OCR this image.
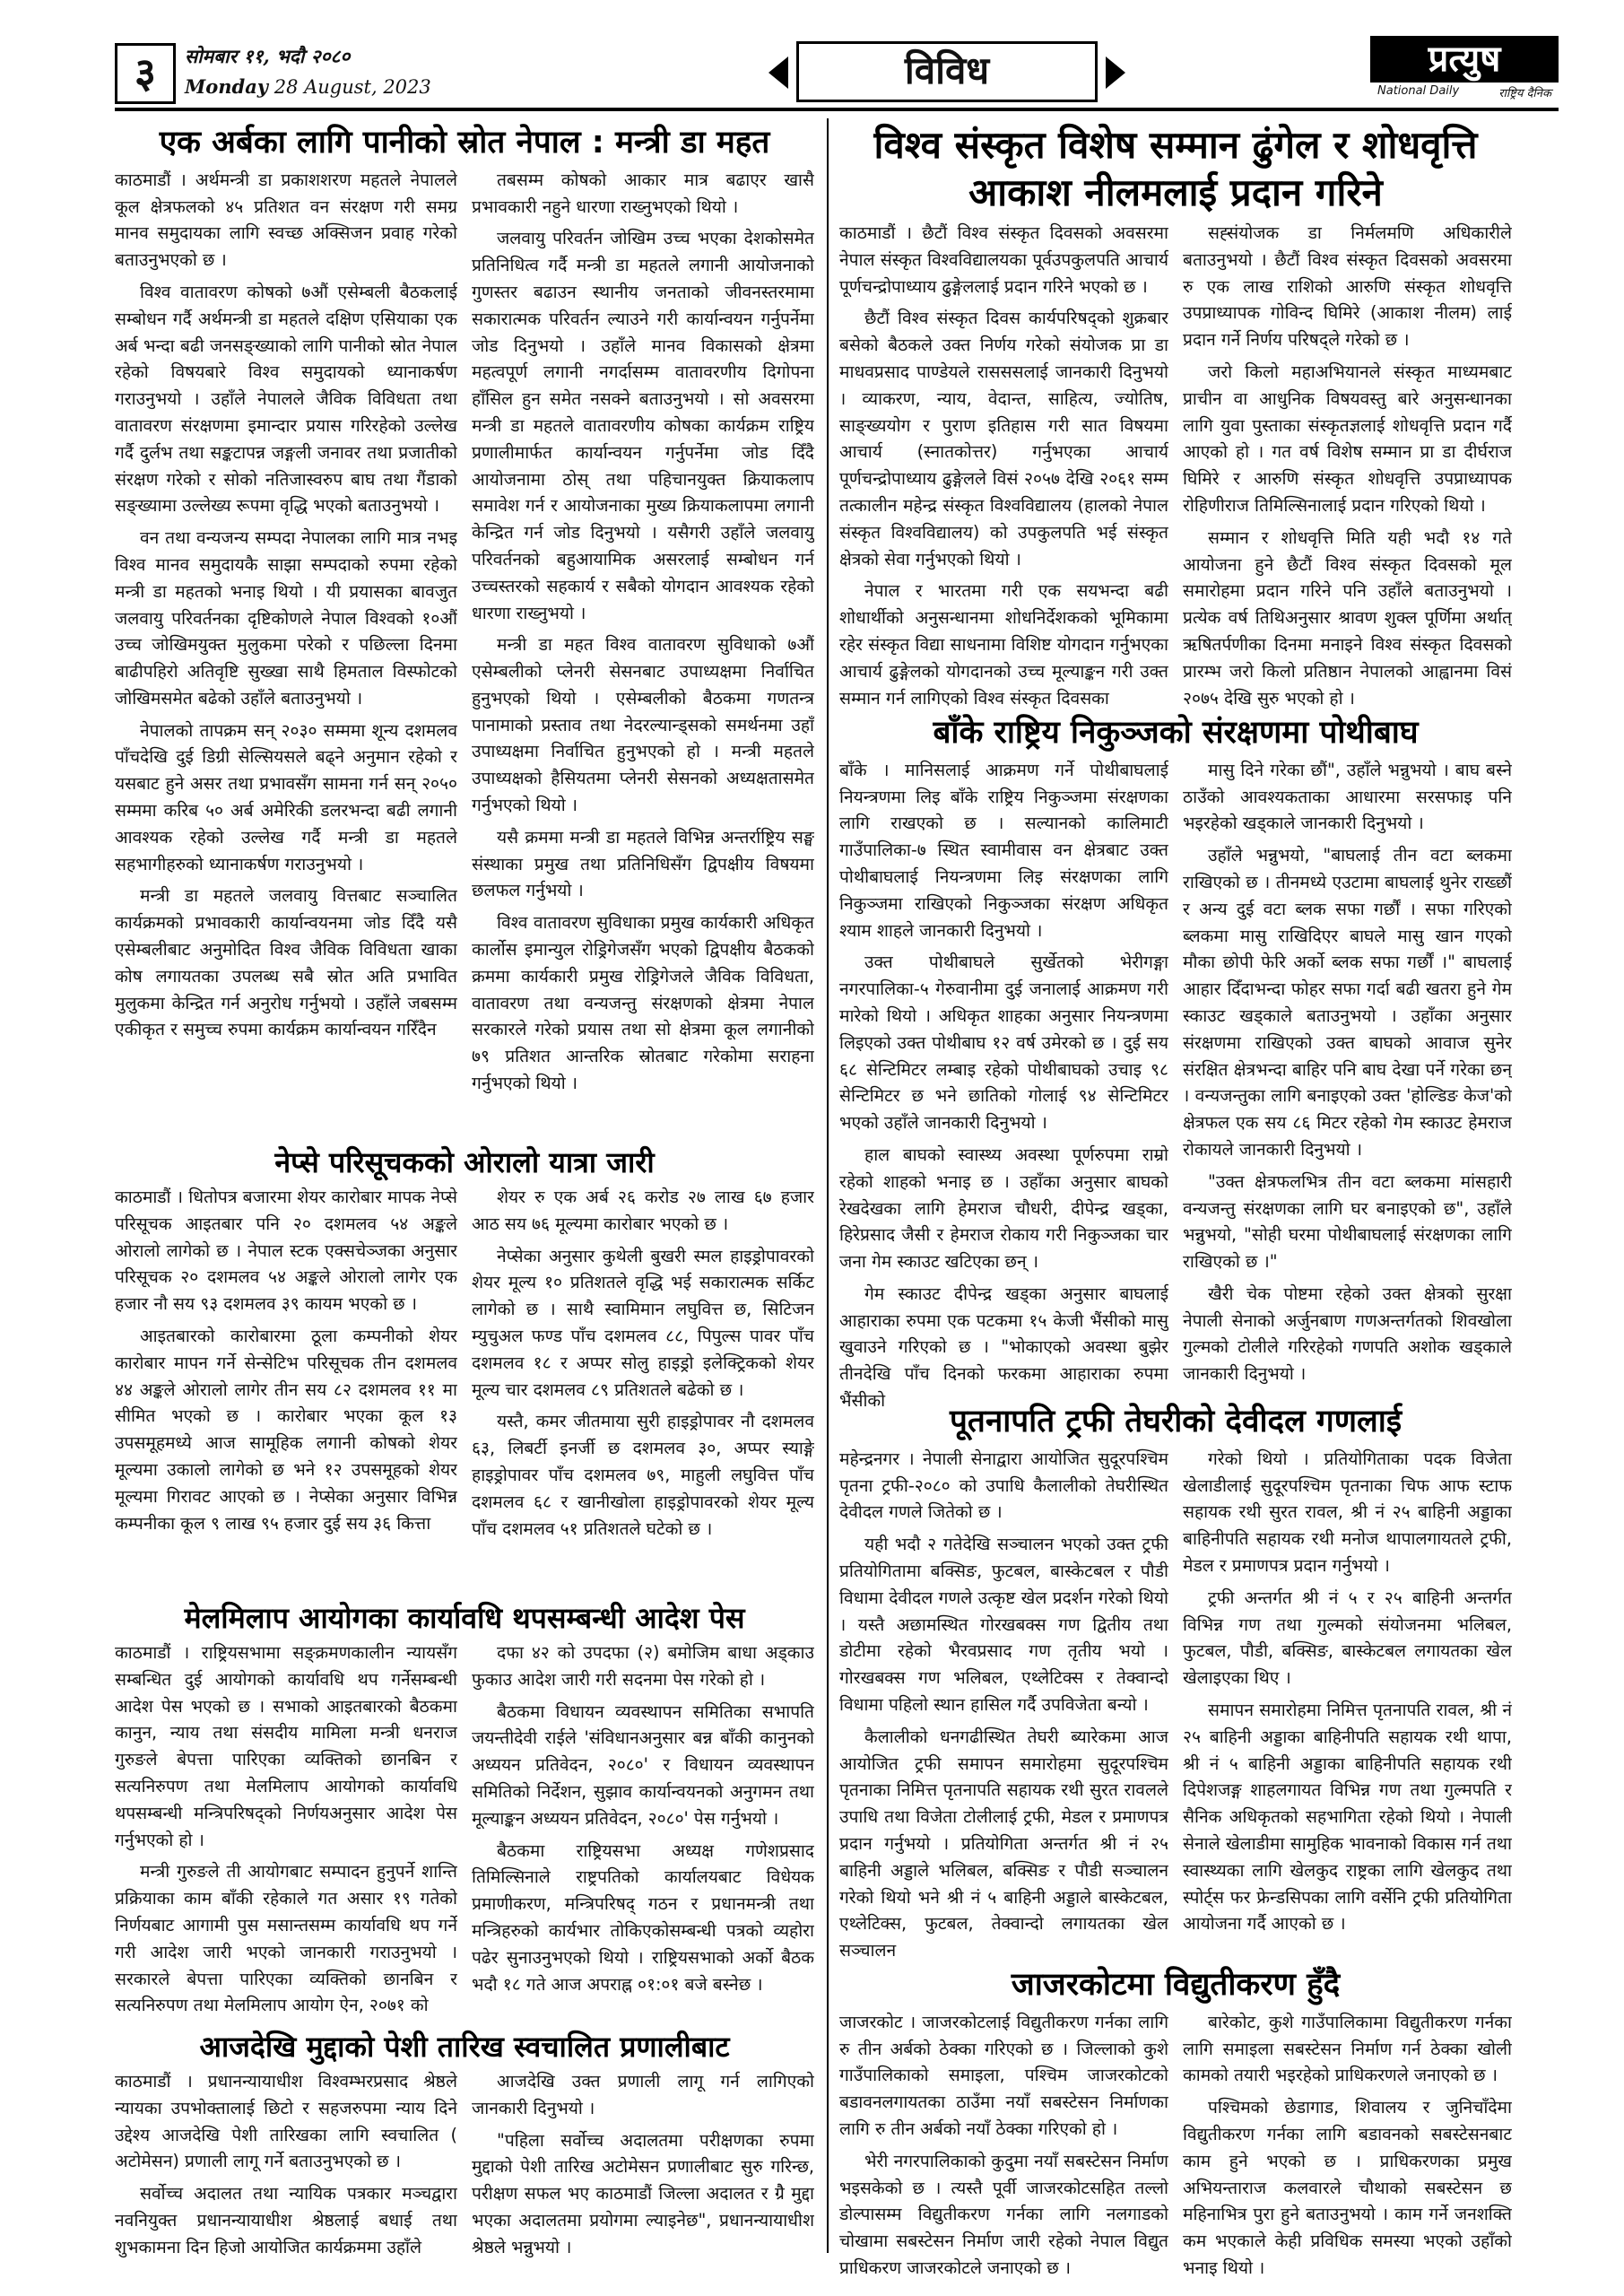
३	सोमबार ११, भदौ २०८०
Monday 28 August, 2023	विविध	प्रत्युष
National Daily	राष्ट्रिय दैनिक
एक अर्बका लागि पानीको स्रोत नेपाल : मन्त्री डा महत

काठमाडौं । अर्थमन्त्री डा प्रकाशशरण महतले नेपालले कूल क्षेत्रफलको ४५ प्रतिशत वन संरक्षण गरी समग्र मानव समुदायका लागि स्वच्छ अक्सिजन प्रवाह गरेको बताउनुभएको छ ।

विश्व वातावरण कोषको ७औं एसेम्बली बैठकलाई सम्बोधन गर्दै अर्थमन्त्री डा महतले दक्षिण एसियाका एक अर्ब भन्दा बढी जनसङ्ख्याको लागि पानीको स्रोत नेपाल रहेको विषयबारे विश्व समुदायको ध्यानाकर्षण गराउनुभयो । उहाँले नेपालले जैविक विविधता तथा वातावरण संरक्षणमा इमान्दार प्रयास गरिरहेको उल्लेख गर्दै दुर्लभ तथा सङ्कटापन्न जङ्गली जनावर तथा प्रजातीको संरक्षण गरेको र सोको नतिजास्वरुप बाघ तथा गैंडाको सङ्ख्यामा उल्लेख्य रूपमा वृद्धि भएको बताउनुभयो ।

वन तथा वन्यजन्य सम्पदा नेपालका लागि मात्र नभइ विश्व मानव समुदायकै साझा सम्पदाको रुपमा रहेको मन्त्री डा महतको भनाइ थियो । यी प्रयासका बावजुत जलवायु परिवर्तनका दृष्टिकोणले नेपाल विश्वको १०औं उच्च जोखिमयुक्त मुलुकमा परेको र पछिल्ला दिनमा बाढीपहिरो अतिवृष्टि सुख्खा साथै हिमताल विस्फोटको जोखिमसमेत बढेको उहाँले बताउनुभयो ।

नेपालको तापक्रम सन् २०३० सम्ममा शून्य दशमलव पाँचदेखि दुई डिग्री सेल्सियसले बढ्ने अनुमान रहेको र यसबाट हुने असर तथा प्रभावसँग सामना गर्न सन् २०५० सम्ममा करिब ५० अर्ब अमेरिकी डलरभन्दा बढी लगानी आवश्यक रहेको उल्लेख गर्दै मन्त्री डा महतले सहभागीहरुको ध्यानाकर्षण गराउनुभयो ।

मन्त्री डा महतले जलवायु वित्तबाट सञ्चालित कार्यक्रमको प्रभावकारी कार्यान्वयनमा जोड दिँदै यसै एसेम्बलीबाट अनुमोदित विश्व जैविक विविधता खाका कोष लगायतका उपलब्ध सबै स्रोत अति प्रभावित मुलुकमा केन्द्रित गर्न अनुरोध गर्नुभयो । उहाँले जबसम्म एकीकृत र समुच्च रुपमा कार्यक्रम कार्यान्वयन गरिँदैन

तबसम्म कोषको आकार मात्र बढाएर खासै प्रभावकारी नहुने धारणा राख्नुभएको थियो ।

जलवायु परिवर्तन जोखिम उच्च भएका देशकोसमेत प्रतिनिधित्व गर्दै मन्त्री डा महतले लगानी आयोजनाको गुणस्तर बढाउन स्थानीय जनताको जीवनस्तरमामा सकारात्मक परिवर्तन ल्याउने गरी कार्यान्वयन गर्नुपर्नेमा जोड दिनुभयो । उहाँले मानव विकासको क्षेत्रमा महत्वपूर्ण लगानी नगर्दासम्म वातावरणीय दिगोपना हाँसिल हुन समेत नसक्ने बताउनुभयो । सो अवसरमा मन्त्री डा महतले वातावरणीय कोषका कार्यक्रम राष्ट्रिय प्रणालीमार्फत कार्यान्वयन गर्नुपर्नेमा जोड दिँदै आयोजनामा ठोस् तथा पहिचानयुक्त क्रियाकलाप समावेश गर्न र आयोजनाका मुख्य क्रियाकलापमा लगानी केन्द्रित गर्न जोड दिनुभयो । यसैगरी उहाँले जलवायु परिवर्तनको बहुआयामिक असरलाई सम्बोधन गर्न उच्चस्तरको सहकार्य र सबैको योगदान आवश्यक रहेको धारणा राख्नुभयो ।

मन्त्री डा महत विश्व वातावरण सुविधाको ७औं एसेम्बलीको प्लेनरी सेसनबाट उपाध्यक्षमा निर्वाचित हुनुभएको थियो । एसेम्बलीको बैठकमा गणतन्त्र पानामाको प्रस्ताव तथा नेदरल्यान्ड्सको समर्थनमा उहाँ उपाध्यक्षमा निर्वाचित हुनुभएको हो । मन्त्री महतले उपाध्यक्षको हैसियतमा प्लेनरी सेसनको अध्यक्षतासमेत गर्नुभएको थियो ।

यसै क्रममा मन्त्री डा महतले विभिन्न अन्तर्राष्ट्रिय सङ्घ संस्थाका प्रमुख तथा प्रतिनिधिसँग द्विपक्षीय विषयमा छलफल गर्नुभयो ।

विश्व वातावरण सुविधाका प्रमुख कार्यकारी अधिकृत कार्लोस इमान्युल रोड्रिगेजसँग भएको द्विपक्षीय बैठकको क्रममा कार्यकारी प्रमुख रोड्रिगेजले जैविक विविधता, वातावरण तथा वन्यजन्तु संरक्षणको क्षेत्रमा नेपाल सरकारले गरेको प्रयास तथा सो क्षेत्रमा कूल लगानीको ७९ प्रतिशत आन्तरिक स्रोतबाट गरेकोमा सराहना गर्नुभएको थियो ।

नेप्से परिसूचकको ओरालो यात्रा जारी

काठमाडौं । धितोपत्र बजारमा शेयर कारोबार मापक नेप्से परिसूचक आइतबार पनि २० दशमलव ५४ अङ्कले ओरालो लागेको छ । नेपाल स्टक एक्सचेञ्जका अनुसार परिसूचक २० दशमलव ५४ अङ्कले ओरालो लागेर एक हजार नौ सय ९३ दशमलव ३९ कायम भएको छ ।

आइतबारको कारोबारमा ठूला कम्पनीको शेयर कारोबार मापन गर्ने सेन्सेटिभ परिसूचक तीन दशमलव ४४ अङ्कले ओरालो लागेर तीन सय ८२ दशमलव ११ मा सीमित भएको छ । कारोबार भएका कूल १३ उपसमूहमध्ये आज सामूहिक लगानी कोषको शेयर मूल्यमा उकालो लागेको छ भने १२ उपसमूहको शेयर मूल्यमा गिरावट आएको छ । नेप्सेका अनुसार विभिन्न कम्पनीका कूल ९ लाख ९५ हजार दुई सय ३६ कित्ता

शेयर रु एक अर्ब २६ करोड २७ लाख ६७ हजार आठ सय ७६ मूल्यमा कारोबार भएको छ ।

नेप्सेका अनुसार कुथेली बुखरी स्मल हाइड्रोपावरको शेयर मूल्य १० प्रतिशतले वृद्धि भई सकारात्मक सर्किट लागेको छ । साथै स्वामिमान लघुवित्त छ, सिटिजन म्युचुअल फण्ड पाँच दशमलव ८८, पिपुल्स पावर पाँच दशमलव १८ र अप्पर सोलु हाइड्रो इलेक्ट्रिकको शेयर मूल्य चार दशमलव ८९ प्रतिशतले बढेको छ ।

यस्तै, कमर जीतमाया सुरी हाइड्रोपावर नौ दशमलव ६३, लिबर्टी इनर्जी छ दशमलव ३०, अप्पर स्याङ्गे हाइड्रोपावर पाँच दशमलव ७९, माहुली लघुवित्त पाँच दशमलव ६८ र खानीखोला हाइड्रोपावरको शेयर मूल्य पाँच दशमलव ५१ प्रतिशतले घटेको छ ।

मेलमिलाप आयोगका कार्यावधि थपसम्बन्धी आदेश पेस

काठमाडौं । राष्ट्रियसभामा सङ्क्रमणकालीन न्यायसँग सम्बन्धित दुई आयोगको कार्यावधि थप गर्नेसम्बन्धी आदेश पेस भएको छ । सभाको आइतबारको बैठकमा कानुन, न्याय तथा संसदीय मामिला मन्त्री धनराज गुरुङले बेपत्ता पारिएका व्यक्तिको छानबिन र सत्यनिरुपण तथा मेलमिलाप आयोगको कार्यावधि थपसम्बन्धी मन्त्रिपरिषद्को निर्णयअनुसार आदेश पेस गर्नुभएको हो ।

मन्त्री गुरुङले ती आयोगबाट सम्पादन हुनुपर्ने शान्ति प्रक्रियाका काम बाँकी रहेकाले गत असार १९ गतेको निर्णयबाट आगामी पुस मसान्तसम्म कार्यावधि थप गर्ने गरी आदेश जारी भएको जानकारी गराउनुभयो । सरकारले बेपत्ता पारिएका व्यक्तिको छानबिन र सत्यनिरुपण तथा मेलमिलाप आयोग ऐन, २०७१ को

दफा ४२ को उपदफा (२) बमोजिम बाधा अड्काउ फुकाउ आदेश जारी गरी सदनमा पेस गरेको हो ।

बैठकमा विधायन व्यवस्थापन समितिका सभापति जयन्तीदेवी राईले 'संविधानअनुसार बन्न बाँकी कानुनको अध्ययन प्रतिवेदन, २०८०' र विधायन व्यवस्थापन समितिको निर्देशन, सुझाव कार्यान्वयनको अनुगमन तथा मूल्याङ्कन अध्ययन प्रतिवेदन, २०८०' पेस गर्नुभयो ।

बैठकमा राष्ट्रियसभा अध्यक्ष गणेशप्रसाद तिमिल्सिनाले राष्ट्रपतिको कार्यालयबाट विधेयक प्रमाणीकरण, मन्त्रिपरिषद् गठन र प्रधानमन्त्री तथा मन्त्रिहरुको कार्यभार तोकिएकोसम्बन्धी पत्रको व्यहोरा पढेर सुनाउनुभएको थियो । राष्ट्रियसभाको अर्को बैठक भदौ १८ गते आज अपराह्न ०१:०१ बजे बस्नेछ ।

आजदेखि मुद्दाको पेशी तारिख स्वचालित प्रणालीबाट

काठमाडौं । प्रधानन्यायाधीश विश्वम्भरप्रसाद श्रेष्ठले न्यायका उपभोक्तालाई छिटो र सहजरुपमा न्याय दिने उद्देश्य आजदेखि पेशी तारिखका लागि स्वचालित ( अटोमेसन) प्रणाली लागू गर्ने बताउनुभएको छ ।

सर्वोच्च अदालत तथा न्यायिक पत्रकार मञ्चद्वारा नवनियुक्त प्रधानन्यायाधीश श्रेष्ठलाई बधाई तथा शुभकामना दिन हिजो आयोजित कार्यक्रममा उहाँले

आजदेखि उक्त प्रणाली लागू गर्न लागिएको जानकारी दिनुभयो ।

"पहिला सर्वोच्च अदालतमा परीक्षणका रुपमा मुद्दाको पेशी तारिख अटोमेसन प्रणालीबाट सुरु गरिन्छ, परीक्षण सफल भए काठमाडौं जिल्ला अदालत र ग्रेै मुद्दा भएका अदालतमा प्रयोगमा ल्याइनेछ", प्रधानन्यायाधीश श्रेष्ठले भन्नुभयो ।

विश्व संस्कृत विशेष सम्मान ढुंगेल र शोधवृत्ति आकाश नीलमलाई प्रदान गरिने

काठमाडौं । छैटौं विश्व संस्कृत दिवसको अवसरमा नेपाल संस्कृत विश्वविद्यालयका पूर्वउपकुलपति आचार्य पूर्णचन्द्रोपाध्याय ढुङ्गेललाई प्रदान गरिने भएको छ ।

छैटौं विश्व संस्कृत दिवस कार्यपरिषद्को शुक्रबार बसेको बैठकले उक्त निर्णय गरेको संयोजक प्रा डा माधवप्रसाद पाण्डेयले रासससलाई जानकारी दिनुभयो । व्याकरण, न्याय, वेदान्त, साहित्य, ज्योतिष, साङ्ख्ययोग र पुराण इतिहास गरी सात विषयमा आचार्य (स्नातकोत्तर) गर्नुभएका आचार्य पूर्णचन्द्रोपाध्याय ढुङ्गेलले विसं २०५७ देखि २०६१ सम्म तत्कालीन महेन्द्र संस्कृत विश्वविद्यालय (हालको नेपाल संस्कृत विश्वविद्यालय) को उपकुलपति भई संस्कृत क्षेत्रको सेवा गर्नुभएको थियो ।

नेपाल र भारतमा गरी एक सयभन्दा बढी शोधार्थीको अनुसन्धानमा शोधनिर्देशकको भूमिकामा रहेर संस्कृत विद्या साधनामा विशिष्ट योगदान गर्नुभएका आचार्य ढुङ्गेलको योगदानको उच्च मूल्याङ्कन गरी उक्त सम्मान गर्न लागिएको विश्व संस्कृत दिवसका

सह्संयोजक डा निर्मलमणि अधिकारीले बताउनुभयो । छैटौं विश्व संस्कृत दिवसको अवसरमा रु एक लाख राशिको आरुणि संस्कृत शोधवृत्ति उपप्राध्यापक गोविन्द घिमिरे (आकाश नीलम) लाई प्रदान गर्ने निर्णय परिषद्ले गरेको छ ।

जरो किलो महाअभियानले संस्कृत माध्यमबाट प्राचीन वा आधुनिक विषयवस्तु बारे अनुसन्धानका लागि युवा पुस्ताका संस्कृतज्ञलाई शोधवृत्ति प्रदान गर्दै आएको हो । गत वर्ष विशेष सम्मान प्रा डा दीर्घराज घिमिरे र आरुणि संस्कृत शोधवृत्ति उपप्राध्यापक रोहिणीराज तिमिल्सिनालाई प्रदान गरिएको थियो ।

सम्मान र शोधवृत्ति मिति यही भदौ १४ गते आयोजना हुने छैटौं विश्व संस्कृत दिवसको मूल समारोहमा प्रदान गरिने पनि उहाँले बताउनुभयो । प्रत्येक वर्ष तिथिअनुसार श्रावण शुक्ल पूर्णिमा अर्थात् ऋषितर्पणीका दिनमा मनाइने विश्व संस्कृत दिवसको प्रारम्भ जरो किलो प्रतिष्ठान नेपालको आह्वानमा विसं २०७५ देखि सुरु भएको हो ।

बाँके राष्ट्रिय निकुञ्जको संरक्षणमा पोथीबाघ

बाँके । मानिसलाई आक्रमण गर्ने पोथीबाघलाई नियन्त्रणमा लिइ बाँके राष्ट्रिय निकुञ्जमा संरक्षणका लागि राखएको छ । सल्यानको कालिमाटी गाउँपालिका-७ स्थित स्वामीवास वन क्षेत्रबाट उक्त पोथीबाघलाई नियन्त्रणमा लिइ संरक्षणका लागि निकुञ्जमा राखिएको निकुञ्जका संरक्षण अधिकृत श्याम शाहले जानकारी दिनुभयो ।

उक्त पोथीबाघले सुर्खेतको भेरीगङ्गा नगरपालिका-५ गेरुवानीमा दुई जनालाई आक्रमण गरी मारेको थियो । अधिकृत शाहका अनुसार नियन्त्रणमा लिइएको उक्त पोथीबाघ १२ वर्ष उमेरको छ । दुई सय ६८ सेन्टिमिटर लम्बाइ रहेको पोथीबाघको उचाइ ९८ सेन्टिमिटर छ भने छातिको गोलाई ९४ सेन्टिमिटर भएको उहाँले जानकारी दिनुभयो ।

हाल बाघको स्वास्थ्य अवस्था पूर्णरुपमा राम्रो रहेको शाहको भनाइ छ । उहाँका अनुसार बाघको रेखदेखका लागि हेमराज चौधरी, दीपेन्द्र खड्का, हिरेप्रसाद जैसी र हेमराज रोकाय गरी निकुञ्जका चार जना गेम स्काउट खटिएका छन् ।

गेम स्काउट दीपेन्द्र खड्का अनुसार बाघलाई आहाराका रुपमा एक पटकमा १५ केजी भैंसीको मासु खुवाउने गरिएको छ । "भोकाएको अवस्था बुझेर तीनदेखि पाँच दिनको फरकमा आहाराका रुपमा भैंसीको

मासु दिने गरेका छौं", उहाँले भन्नुभयो । बाघ बस्ने ठाउँको आवश्यकताका आधारमा सरसफाइ पनि भइरहेको खड्काले जानकारी दिनुभयो ।

उहाँले भन्नुभयो, "बाघलाई तीन वटा ब्लकमा राखिएको छ । तीनमध्ये एउटामा बाघलाई थुनेर राख्छौं र अन्य दुई वटा ब्लक सफा गर्छौं । सफा गरिएको ब्लकमा मासु राखिदिएर बाघले मासु खान गएको मौका छोपी फेरि अर्को ब्लक सफा गर्छौं ।" बाघलाई आहार दिँदाभन्दा फोहर सफा गर्दा बढी खतरा हुने गेम स्काउट खड्काले बताउनुभयो । उहाँका अनुसार संरक्षणमा राखिएको उक्त बाघको आवाज सुनेर संरक्षित क्षेत्रभन्दा बाहिर पनि बाघ देखा पर्ने गरेका छन् । वन्यजन्तुका लागि बनाइएको उक्त 'होल्डिङ केज'को क्षेत्रफल एक सय ८६ मिटर रहेको गेम स्काउट हेमराज रोकायले जानकारी दिनुभयो ।

"उक्त क्षेत्रफलभित्र तीन वटा ब्लकमा मांसहारी वन्यजन्तु संरक्षणका लागि घर बनाइएको छ", उहाँले भन्नुभयो, "सोही घरमा पोथीबाघलाई संरक्षणका लागि राखिएको छ ।"

खैरी चेक पोष्टमा रहेको उक्त क्षेत्रको सुरक्षा नेपाली सेनाको अर्जुनबाण गणअन्तर्गतको शिवखोला गुल्मको टोलीले गरिरहेको गणपति अशोक खड्काले जानकारी दिनुभयो ।

पूतनापति ट्रफी तेघरीको देवीदल गणलाई

महेन्द्रनगर । नेपाली सेनाद्वारा आयोजित सुदूरपश्चिम पृतना ट्रफी-२०८० को उपाधि कैलालीको तेघरीस्थित देवीदल गणले जितेको छ ।

यही भदौ २ गतेदेखि सञ्चालन भएको उक्त ट्रफी प्रतियोगितामा बक्सिङ, फुटबल, बास्केटबल र पौडी विधामा देवीदल गणले उत्कृष्ट खेल प्रदर्शन गरेको थियो । यस्तै अछामस्थित गोरखबक्स गण द्वितीय तथा डोटीमा रहेको भैरवप्रसाद गण तृतीय भयो । गोरखबक्स गण भलिबल, एथ्लेटिक्स र तेक्वान्दो विधामा पहिलो स्थान हासिल गर्दै उपविजेता बन्यो ।

कैलालीको धनगढीस्थित तेघरी ब्यारेकमा आज आयोजित ट्रफी समापन समारोहमा सुदूरपश्चिम पृतनाका निमित्त पृतनापति सहायक रथी सुरत रावलले उपाधि तथा विजेता टोलीलाई ट्रफी, मेडल र प्रमाणपत्र प्रदान गर्नुभयो । प्रतियोगिता अन्तर्गत श्री नं २५ बाहिनी अड्डाले भलिबल, बक्सिङ र पौडी सञ्चालन गरेको थियो भने श्री नं ५ बाहिनी अड्डाले बास्केटबल, एथ्लेटिक्स, फुटबल, तेक्वान्दो लगायतका खेल सञ्चालन

गरेको थियो । प्रतियोगिताका पदक विजेता खेलाडीलाई सुदूरपश्चिम पृतनाका चिफ आफ स्टाफ सहायक रथी सुरत रावल, श्री नं २५ बाहिनी अड्डाका बाहिनीपति सहायक रथी मनोज थापालगायतले ट्रफी, मेडल र प्रमाणपत्र प्रदान गर्नुभयो ।

ट्रफी अन्तर्गत श्री नं ५ र २५ बाहिनी अन्तर्गत विभिन्न गण तथा गुल्मको संयोजनमा भलिबल, फुटबल, पौडी, बक्सिङ, बास्केटबल लगायतका खेल खेलाइएका थिए ।

समापन समारोहमा निमित्त पृतनापति रावल, श्री नं २५ बाहिनी अड्डाका बाहिनीपति सहायक रथी थापा, श्री नं ५ बाहिनी अड्डाका बाहिनीपति सहायक रथी दिपेशजङ्ग शाहलगायत विभिन्न गण तथा गुल्मपति र सैनिक अधिकृतको सहभागिता रहेको थियो । नेपाली सेनाले खेलाडीमा सामुहिक भावनाको विकास गर्न तथा स्वास्थ्यका लागि खेलकुद राष्ट्रका लागि खेलकुद तथा स्पोर्ट्स फर फ्रेन्डसिपका लागि वर्सेनि ट्रफी प्रतियोगिता आयोजना गर्दै आएको छ ।

जाजरकोटमा विद्युतीकरण हुँदै

जाजरकोट । जाजरकोटलाई विद्युतीकरण गर्नका लागि रु तीन अर्बको ठेक्का गरिएको छ । जिल्लाको कुशे गाउँपालिकाको समाइला, पश्चिम जाजरकोटको बडावनलगायतका ठाउँमा नयाँ सबस्टेसन निर्माणका लागि रु तीन अर्बको नयाँ ठेक्का गरिएको हो ।

भेरी नगरपालिकाको कुदुमा नयाँ सबस्टेसन निर्माण भइसकेको छ । त्यस्तै पूर्वी जाजरकोटसहित तल्लो डोल्पासम्म विद्युतीकरण गर्नका लागि नलगाडको चोखामा सबस्टेसन निर्माण जारी रहेको नेपाल विद्युत प्राधिकरण जाजरकोटले जनाएको छ ।

बारेकोट, कुशे गाउँपालिकामा विद्युतीकरण गर्नका लागि समाइला सबस्टेसन निर्माण गर्न ठेक्का खोली कामको तयारी भइरहेको प्राधिकरणले जनाएको छ ।

पश्चिमको छेडागाड, शिवालय र जुनिचाँदेमा विद्युतीकरण गर्नका लागि बडावनको सबस्टेसनबाट काम हुने भएको छ । प्राधिकरणका प्रमुख अभियन्ताराज कलवारले चौथाको सबस्टेसन छ महिनाभित्र पुरा हुने बताउनुभयो । काम गर्ने जनशक्ति कम भएकाले केही प्रविधिक समस्या भएको उहाँको भनाइ थियो ।
